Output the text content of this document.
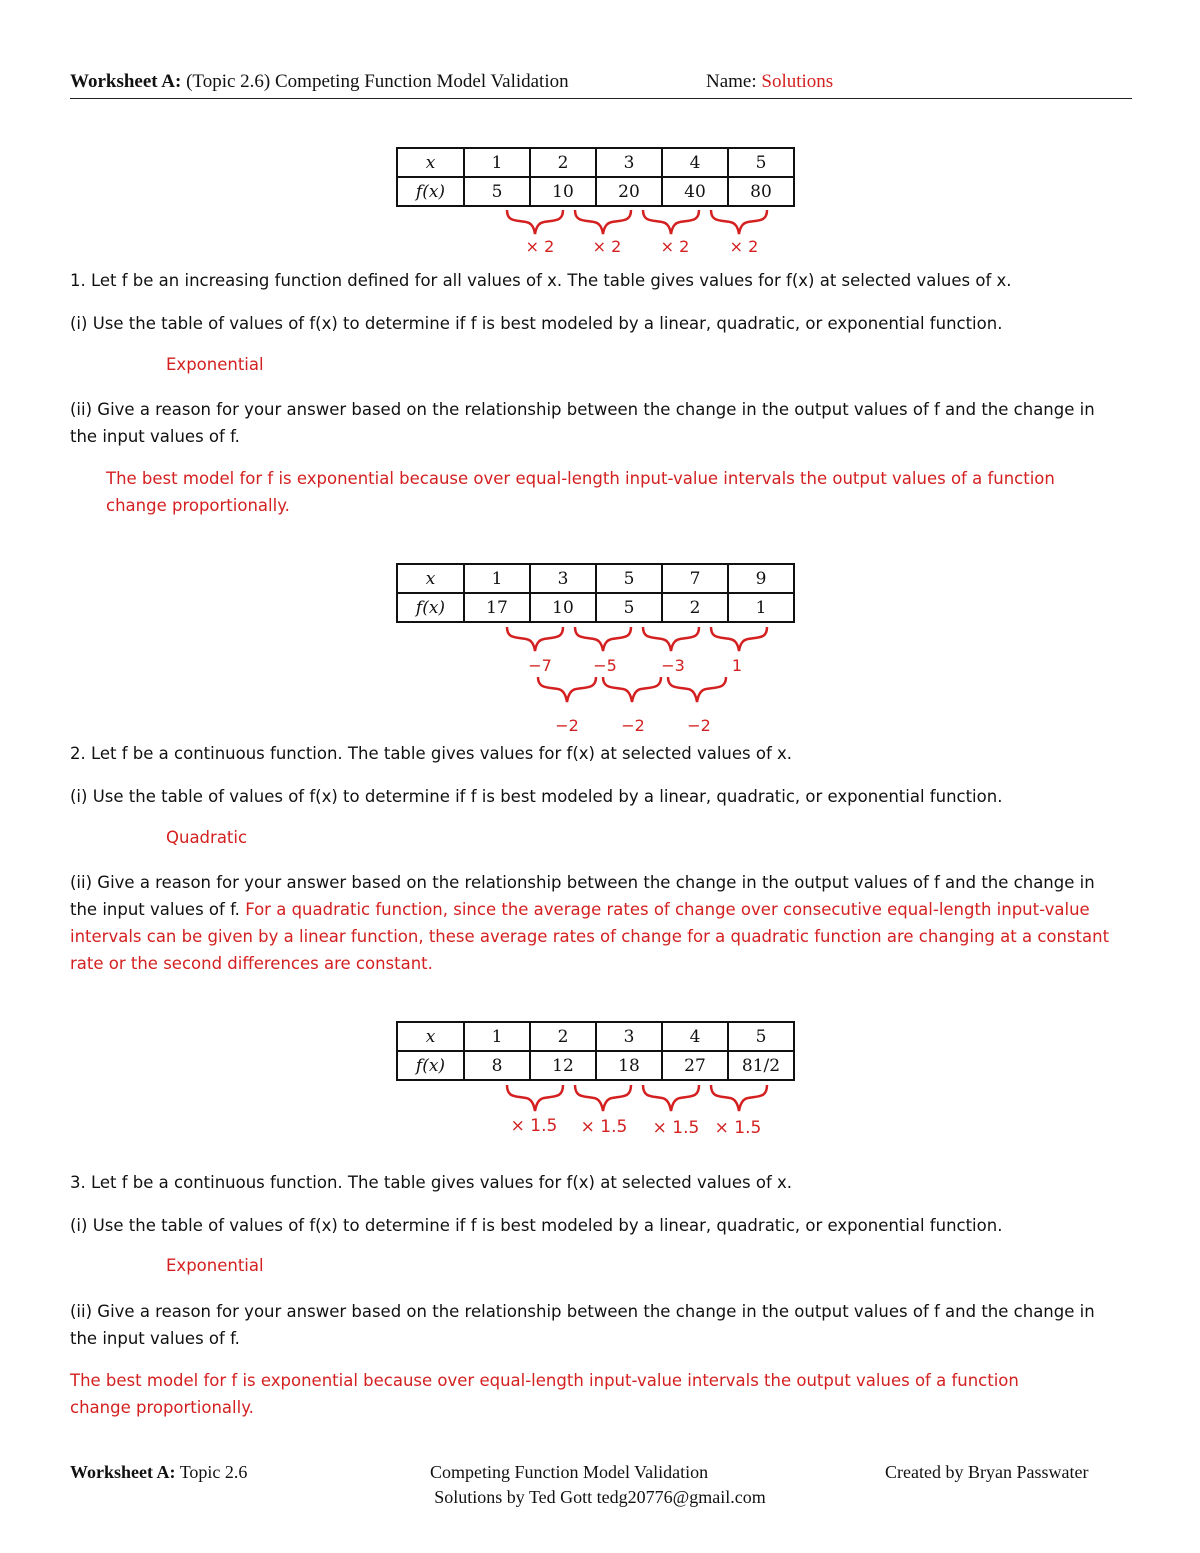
Worksheet A: (Topic 2.6) Competing Function Model Validation	Name: Solutions
x	1	2	3	4	5
f(x)	5	10	20	40	80
× 2	× 2	× 2	× 2
1. Let f be an increasing function defined for all values of x. The table gives values for f(x) at selected values of x.
(i) Use the table of values of f(x) to determine if f is best modeled by a linear, quadratic, or exponential function.
Exponential
(ii) Give a reason for your answer based on the relationship between the change in the output values of f and the change in the input values of f.
The best model for f is exponential because over equal-length input-value intervals the output values of a function change proportionally.
x	1	3	5	7	9
f(x)	17	10	5	2	1
−7	−5	−3	1
−2	−2	−2
2. Let f be a continuous function. The table gives values for f(x) at selected values of x.
(i) Use the table of values of f(x) to determine if f is best modeled by a linear, quadratic, or exponential function.
Quadratic
(ii) Give a reason for your answer based on the relationship between the change in the output values of f and the change in the input values of f. For a quadratic function, since the average rates of change over consecutive equal-length input-value intervals can be given by a linear function, these average rates of change for a quadratic function are changing at a constant rate or the second differences are constant.
x	1	2	3	4	5
f(x)	8	12	18	27	81/2
× 1.5	× 1.5	× 1.5 × 1.5
3. Let f be a continuous function. The table gives values for f(x) at selected values of x.
(i) Use the table of values of f(x) to determine if f is best modeled by a linear, quadratic, or exponential function.
Exponential
(ii) Give a reason for your answer based on the relationship between the change in the output values of f and the change in the input values of f.
The best model for f is exponential because over equal-length input-value intervals the output values of a function change proportionally.
Worksheet A: Topic 2.6	Competing Function Model Validation	Created by Bryan Passwater
Solutions by Ted Gott tedg20776@gmail.com
